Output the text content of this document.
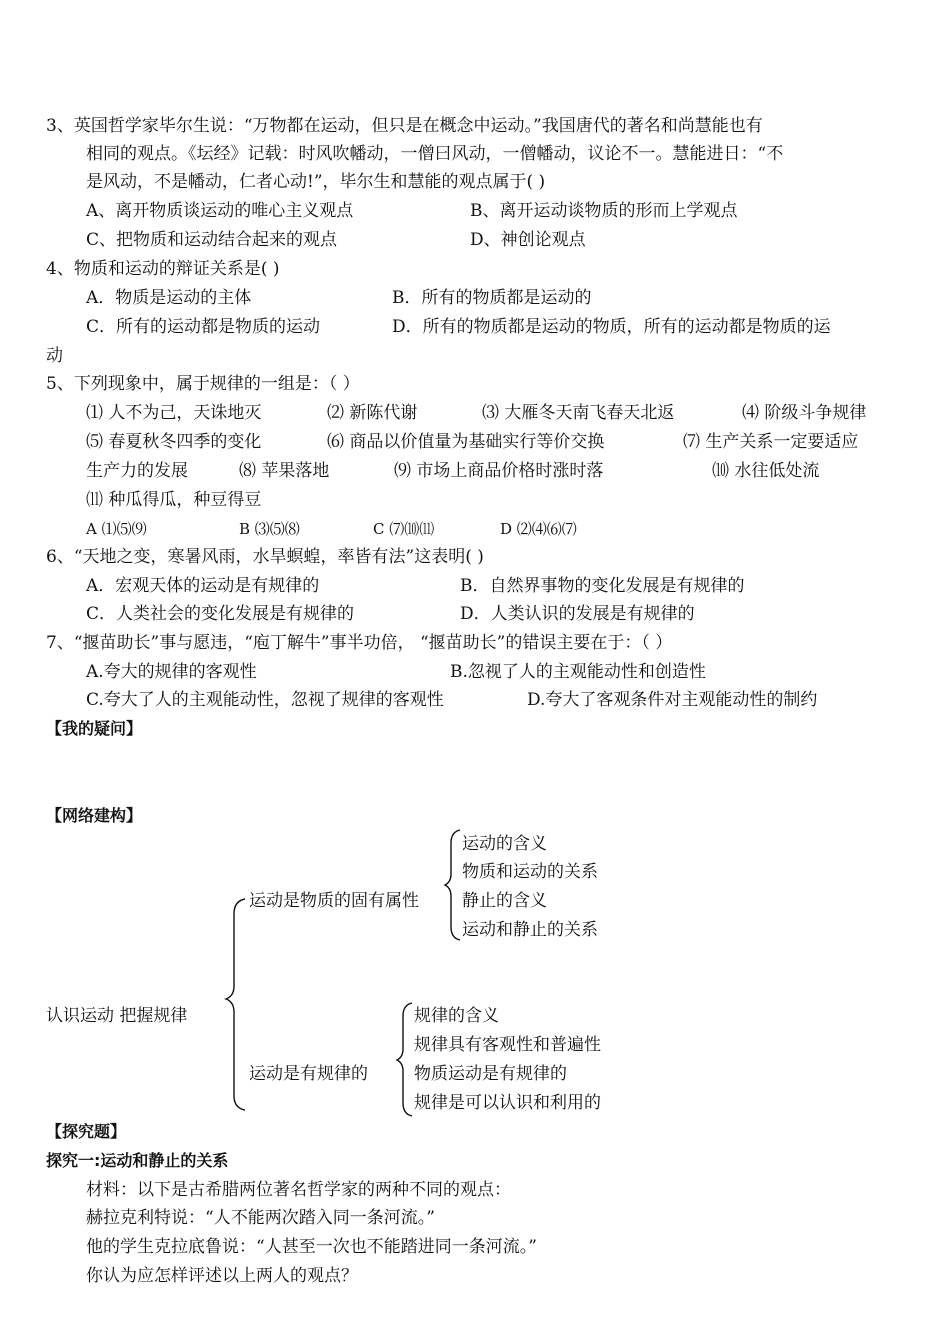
3、英国哲学家毕尔生说：“万物都在运动，但只是在概念中运动。”我国唐代的著名和尚慧能也有
相同的观点。《坛经》记载：时风吹幡动，一僧曰风动，一僧幡动，议论不一。慧能进日：“不
是风动，不是幡动，仁者心动!”，毕尔生和慧能的观点属于( )
A、离开物质谈运动的唯心主义观点	B、离开运动谈物质的形而上学观点
C、把物质和运动结合起来的观点	D、神创论观点
4、物质和运动的辩证关系是( )
A．物质是运动的主体	B．所有的物质都是运动的
C．所有的运动都是物质的运动	D．所有的物质都是运动的物质，所有的运动都是物质的运
动
5、下列现象中，属于规律的一组是：（ ）
⑴ 人不为己，天诛地灭	⑵ 新陈代谢	⑶ 大雁冬天南飞春天北返	⑷ 阶级斗争规律
⑸ 春夏秋冬四季的变化	⑹ 商品以价值量为基础实行等价交换	⑺ 生产关系一定要适应
生产力的发展	⑻ 苹果落地	⑼ 市场上商品价格时涨时落	⑽ 水往低处流
⑾ 种瓜得瓜，种豆得豆
A ⑴⑸⑼	B ⑶⑸⑻	C ⑺⑽⑾	D ⑵⑷⑹⑺
6、“天地之变，寒暑风雨，水旱螟蝗，率皆有法”这表明( )
A．宏观天体的运动是有规律的	B．自然界事物的变化发展是有规律的
C．人类社会的变化发展是有规律的	D．人类认识的发展是有规律的
7、“揠苗助长”事与愿违，“庖丁解牛”事半功倍， “揠苗助长”的错误主要在于：（ ）
A.夸大的规律的客观性	B.忽视了人的主观能动性和创造性
C.夸大了人的主观能动性，忽视了规律的客观性	D.夸大了客观条件对主观能动性的制约
【我的疑问】
【网络建构】
认识运动 把握规律
运动是物质的固有属性
运动的含义
物质和运动的关系
静止的含义
运动和静止的关系
运动是有规律的
规律的含义
规律具有客观性和普遍性
物质运动是有规律的
规律是可以认识和利用的
【探究题】
探究一:运动和静止的关系
材料：以下是古希腊两位著名哲学家的两种不同的观点：
赫拉克利特说：“人不能两次踏入同一条河流。”
他的学生克拉底鲁说：“人甚至一次也不能踏进同一条河流。”
你认为应怎样评述以上两人的观点？
